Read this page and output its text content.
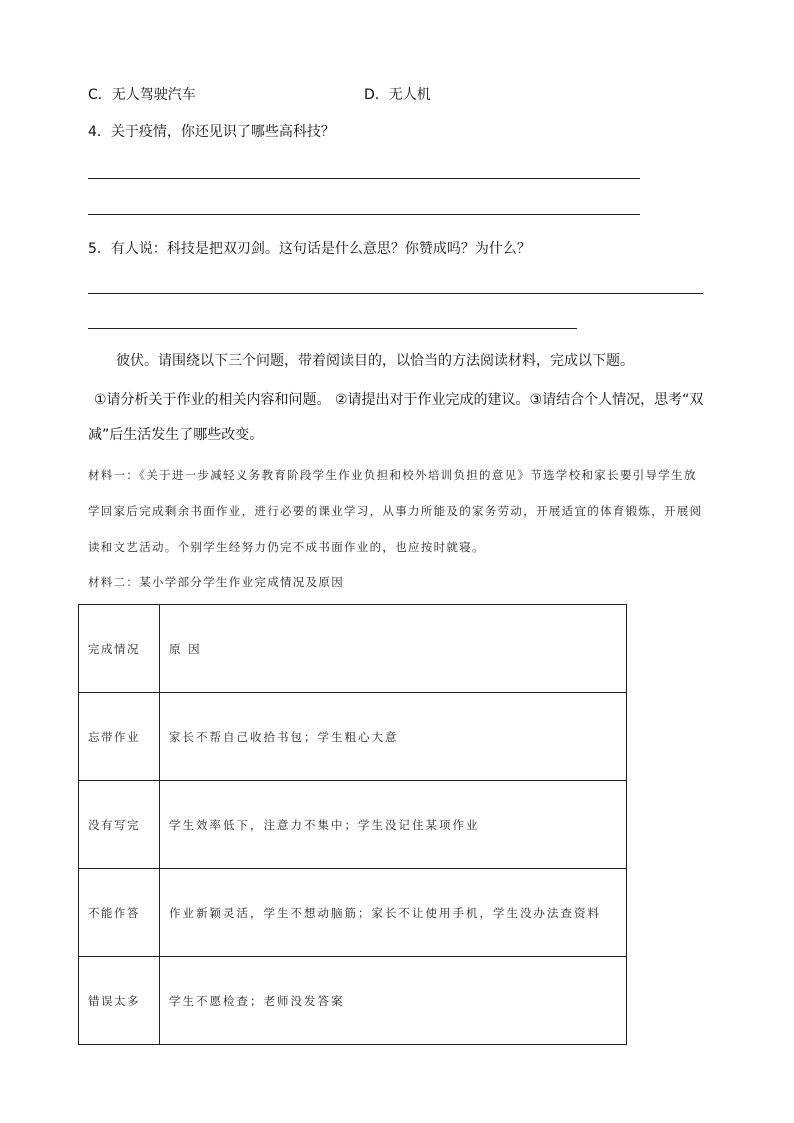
C．无人驾驶汽车	D．无人机
4．关于疫情，你还见识了哪些高科技？
5．有人说：科技是把双刃剑。这句话是什么意思？你赞成吗？为什么？
彼伏。请围绕以下三个问题，带着阅读目的，以恰当的方法阅读材料，完成以下题。
①请分析关于作业的相关内容和问题。 ②请提出对于作业完成的建议。③请结合个人情况，思考“双
减”后生活发生了哪些改变。
材料一：《关于进一步减轻义务教育阶段学生作业负担和校外培训负担的意见》节选学校和家长要引导学生放学回家后完成剩余书面作业，进行必要的课业学习，从事力所能及的家务劳动，开展适宜的体育锻炼，开展阅读和文艺活动。个别学生经努力仍完不成书面作业的，也应按时就寝。
材料二：某小学部分学生作业完成情况及原因
完成情况	原 因
忘带作业	家长不帮自己收拾书包；学生粗心大意
没有写完	学生效率低下，注意力不集中；学生没记住某项作业
不能作答	作业新颖灵活，学生不想动脑筋；家长不让使用手机，学生没办法查资料
错误太多	学生不愿检查；老师没发答案
